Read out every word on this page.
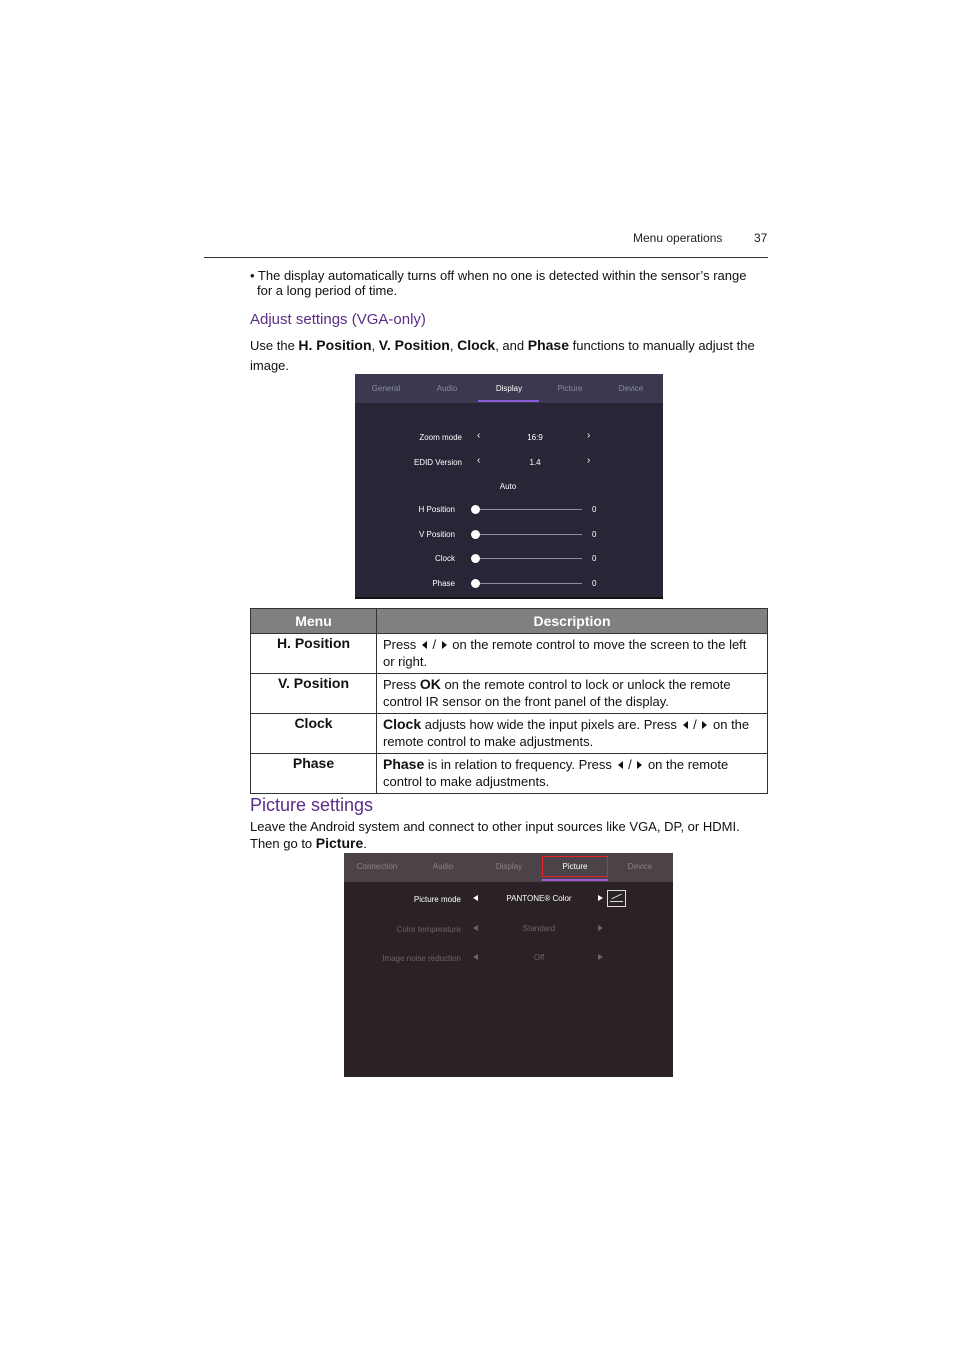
Menu operations	37
• The display automatically turns off when no one is detected within the sensor’s range
for a long period of time.
Adjust settings (VGA-only)
Use the H. Position, V. Position, Clock, and Phase functions to manually adjust the image.
General	Audio	Display	Picture	Device
Zoom mode ‹	16:9	›
EDID Version ‹	1.4	›
Auto
H Position	0
V Position	0
Clock	0
Phase	0
Menu	Description
H. Position	Press  /  on the remote control to move the screen to the left or right.
V. Position	Press OK on the remote control to lock or unlock the remote control IR sensor on the front panel of the display.
Clock	Clock adjusts how wide the input pixels are. Press  /  on the remote control to make adjustments.
Phase	Phase is in relation to frequency. Press  /  on the remote control to make adjustments.
Picture settings
Leave the Android system and connect to other input sources like VGA, DP, or HDMI.
Then go to Picture.
Connection	Audio	Display	Picture	Device
Picture mode	PANTONE® Color
Color temperature	Standard
Image noise reduction	Off
